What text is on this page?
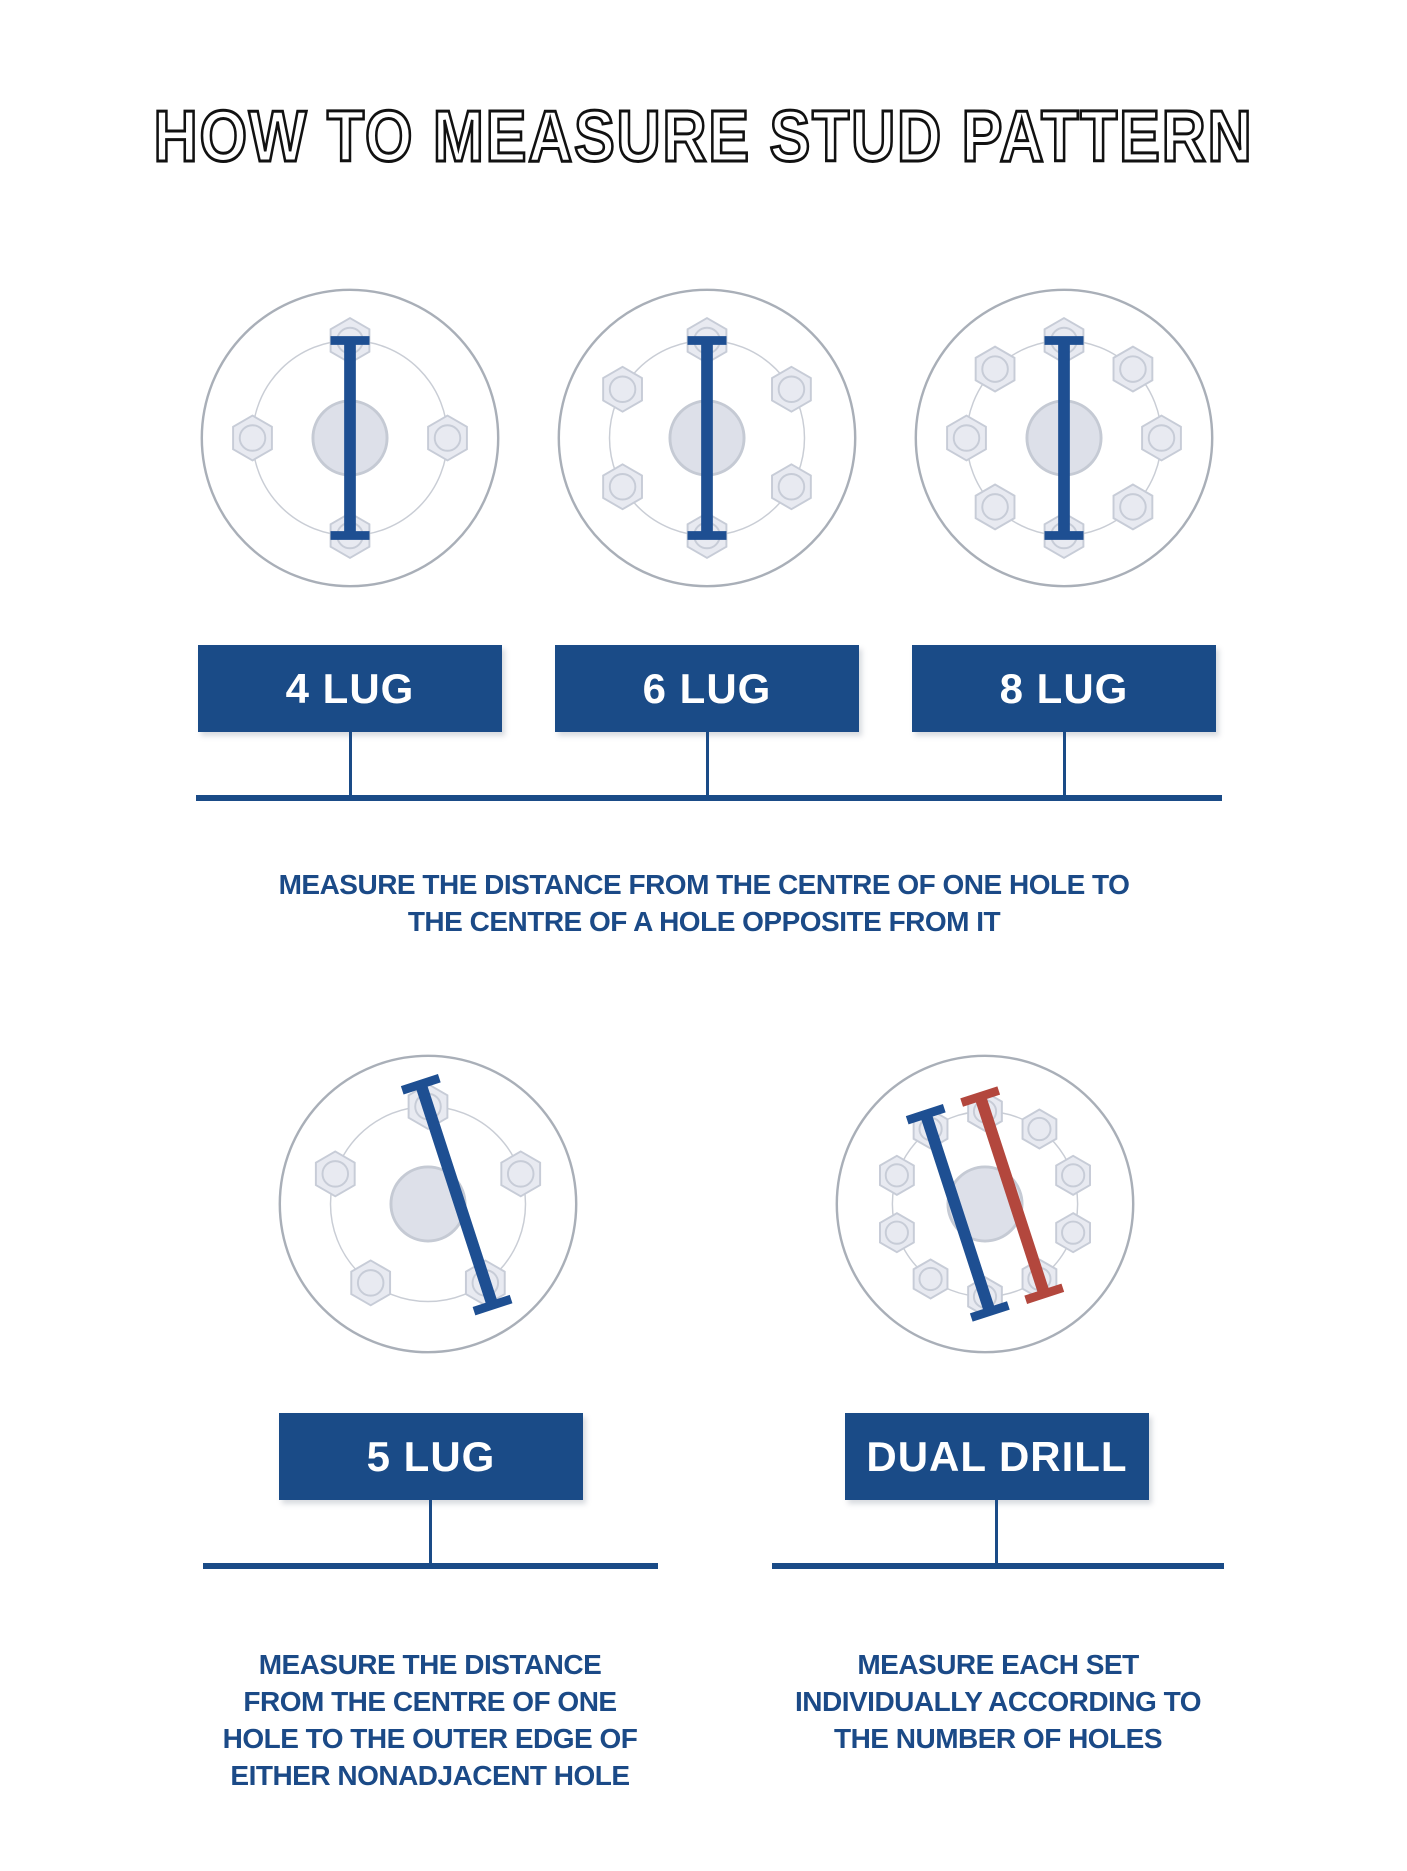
HOW TO MEASURE STUD PATTERN
4 LUG	6 LUG	8 LUG
MEASURE THE DISTANCE FROM THE CENTRE OF ONE HOLE TO
THE CENTRE OF A HOLE OPPOSITE FROM IT
5 LUG	DUAL DRILL
MEASURE THE DISTANCE
FROM THE CENTRE OF ONE
HOLE TO THE OUTER EDGE OF
EITHER NONADJACENT HOLE
MEASURE EACH SET
INDIVIDUALLY ACCORDING TO
THE NUMBER OF HOLES
